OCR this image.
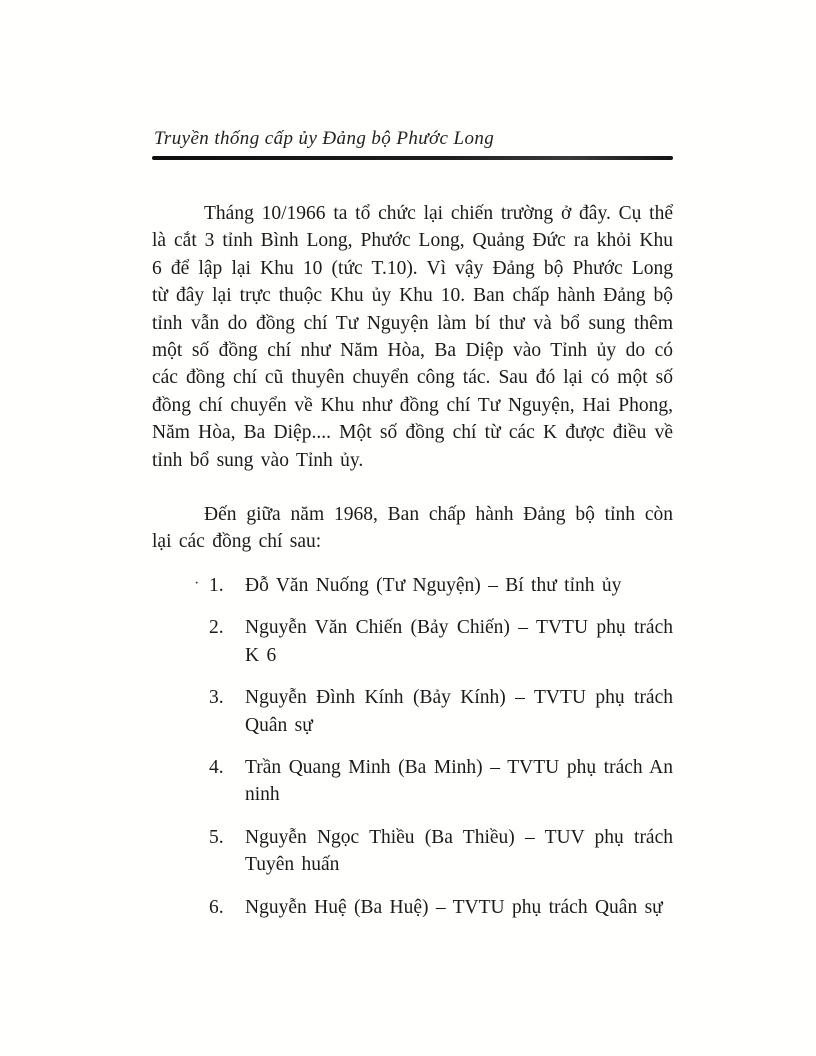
Truyền thống cấp ủy Đảng bộ Phước Long

Tháng 10/1966 ta tổ chức lại chiến trường ở đây. Cụ thể là cắt 3 tỉnh Bình Long, Phước Long, Quảng Đức ra khỏi Khu 6 để lập lại Khu 10 (tức T.10). Vì vậy Đảng bộ Phước Long từ đây lại trực thuộc Khu ủy Khu 10. Ban chấp hành Đảng bộ tỉnh vẫn do đồng chí Tư Nguyện làm bí thư và bổ sung thêm một số đồng chí như Năm Hòa, Ba Diệp vào Tỉnh ủy do có các đồng chí cũ thuyên chuyển công tác. Sau đó lại có một số đồng chí chuyển về Khu như đồng chí Tư Nguyện, Hai Phong, Năm Hòa, Ba Diệp.... Một số đồng chí từ các K được điều về tỉnh bổ sung vào Tỉnh ủy.

Đến giữa năm 1968, Ban chấp hành Đảng bộ tỉnh còn lại các đồng chí sau:

· 1.	Đỗ Văn Nuống (Tư Nguyện) – Bí thư tỉnh ủy
2.	Nguyễn Văn Chiến (Bảy Chiến) – TVTU phụ trách K 6
3.	Nguyễn Đình Kính (Bảy Kính) – TVTU phụ trách Quân sự
4.	Trần Quang Minh (Ba Minh) – TVTU phụ trách An ninh
5.	Nguyễn Ngọc Thiều (Ba Thiều) – TUV phụ trách Tuyên huấn
6.	Nguyễn Huệ (Ba Huệ) – TVTU phụ trách Quân sự
